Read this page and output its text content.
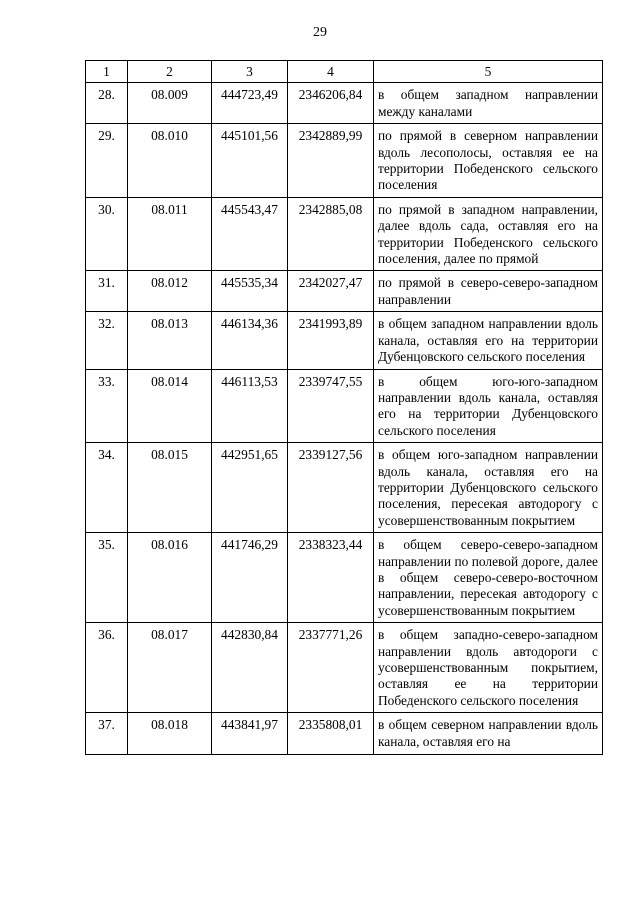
29
1	2	3	4	5
28.	08.009	444723,49	2346206,84	в общем западном направлении между каналами
29.	08.010	445101,56	2342889,99	по прямой в северном направлении вдоль лесополосы, оставляя ее на территории Победенского сельского поселения
30.	08.011	445543,47	2342885,08	по прямой в западном направлении, далее вдоль сада, оставляя его на территории Победенского сельского поселения, далее по прямой
31.	08.012	445535,34	2342027,47	по прямой в северо-северо-западном направлении
32.	08.013	446134,36	2341993,89	в общем западном направлении вдоль канала, оставляя его на территории Дубенцовского сельского поселения
33.	08.014	446113,53	2339747,55	в общем юго-юго-западном направлении вдоль канала, оставляя его на территории Дубенцовского сельского поселения
34.	08.015	442951,65	2339127,56	в общем юго-западном направлении вдоль канала, оставляя его на территории Дубенцовского сельского поселения, пересекая автодорогу с усовершенствованным покрытием
35.	08.016	441746,29	2338323,44	в общем северо-северо-западном направлении по полевой дороге, далее в общем северо-северо-восточном направлении, пересекая автодорогу с усовершенствованным покрытием
36.	08.017	442830,84	2337771,26	в общем западно-северо-западном направлении вдоль автодороги с усовершенствованным покрытием, оставляя ее на территории Победенского сельского поселения
37.	08.018	443841,97	2335808,01	в общем северном направлении вдоль канала, оставляя его на
